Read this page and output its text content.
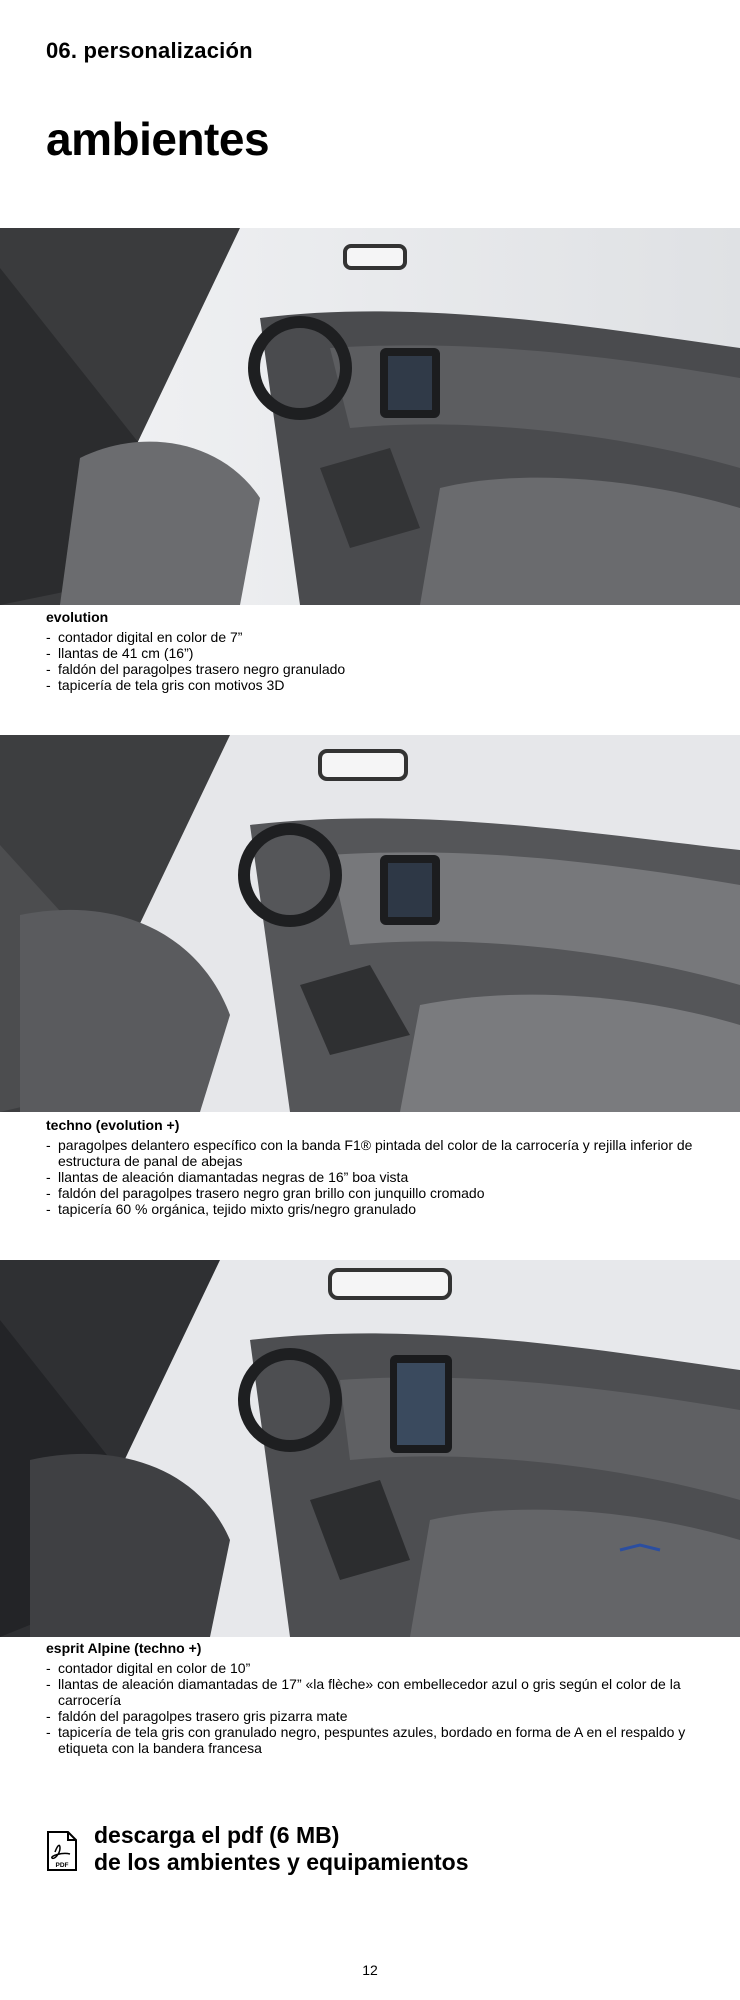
06. personalización
ambientes
evolution
- contador digital en color de 7”
- llantas de 41 cm (16”)
- faldón del paragolpes trasero negro granulado
- tapicería de tela gris con motivos 3D
techno (evolution +)
- paragolpes delantero específico con la banda F1® pintada del color de la carrocería y rejilla inferior de estructura de panal de abejas
- llantas de aleación diamantadas negras de 16” boa vista
- faldón del paragolpes trasero negro gran brillo con junquillo cromado
- tapicería 60 % orgánica, tejido mixto gris/negro granulado
esprit Alpine (techno +)
- contador digital en color de 10”
- llantas de aleación diamantadas de 17” «la flèche» con embellecedor azul o gris según el color de la carrocería
- faldón del paragolpes trasero gris pizarra mate
- tapicería de tela gris con granulado negro, pespuntes azules, bordado en forma de A en el respaldo y etiqueta con la bandera francesa
PDF
descarga el pdf (6 MB)
de los ambientes y equipamientos
12
